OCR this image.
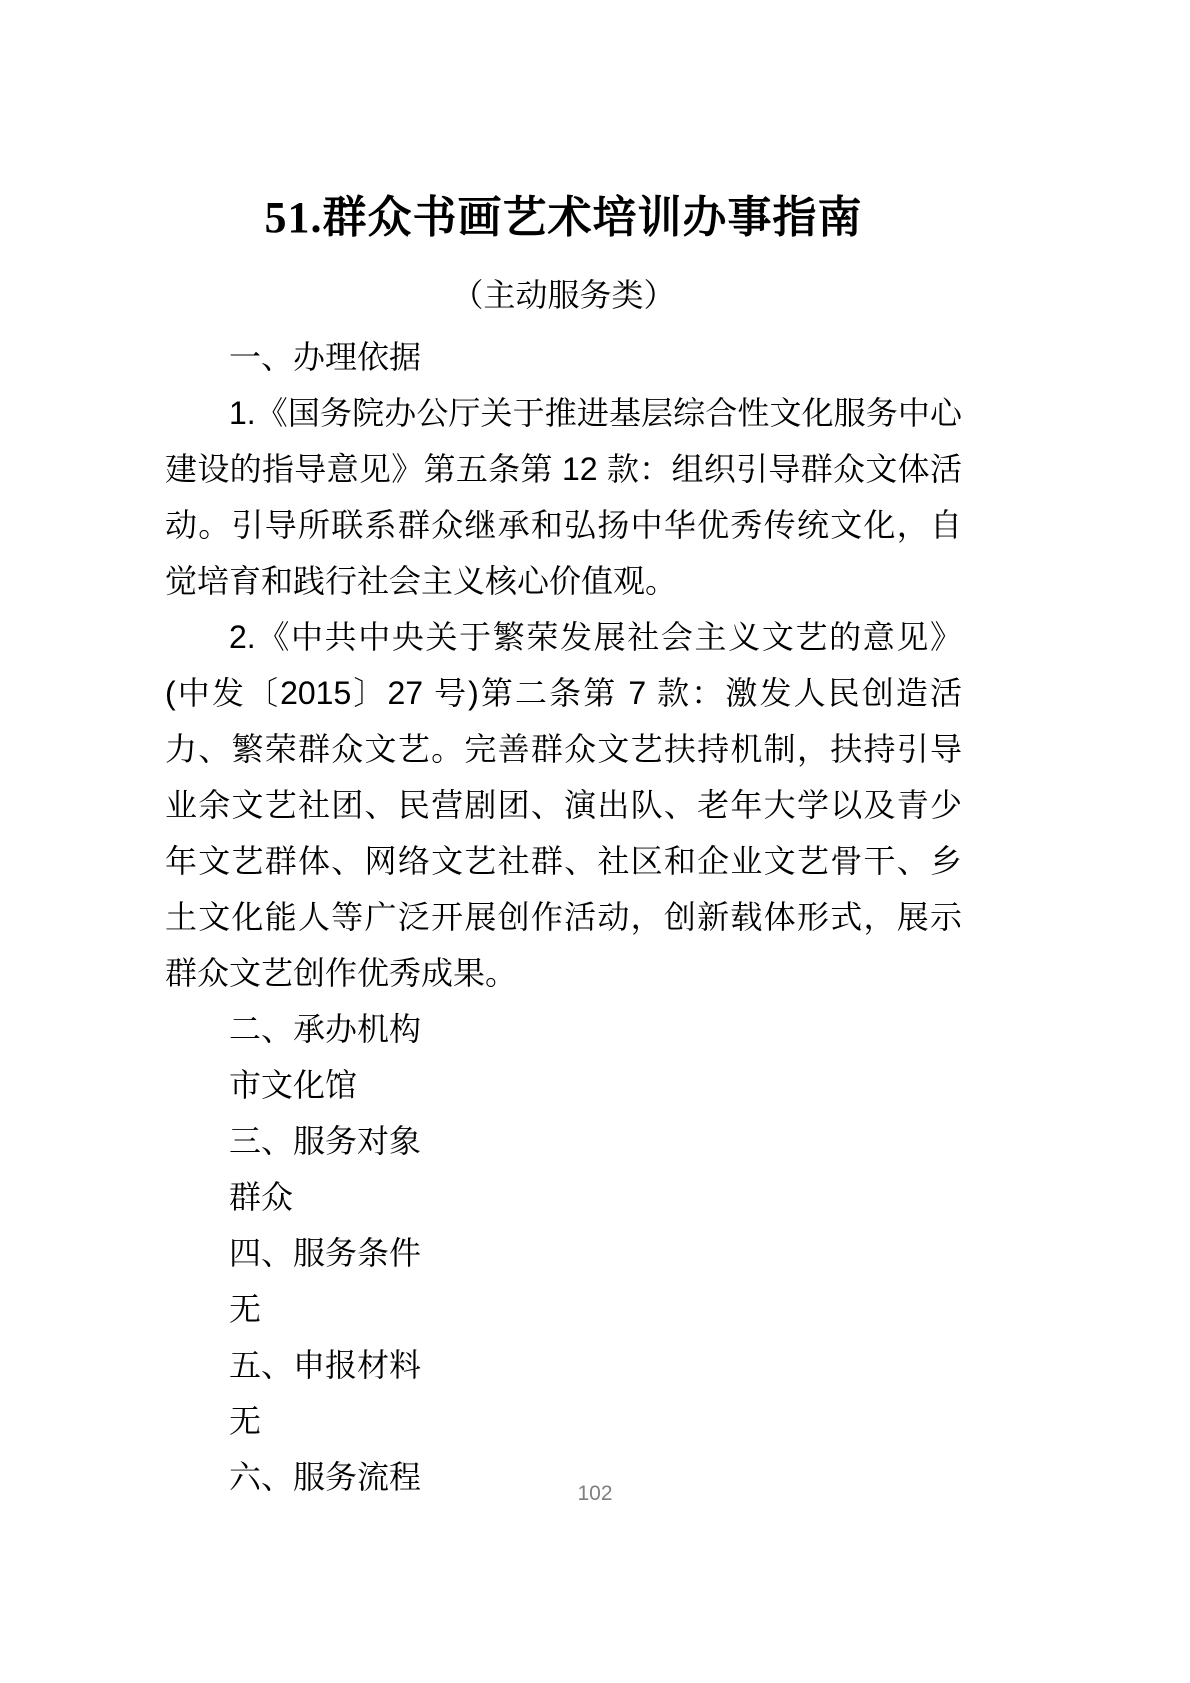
51.群众书画艺术培训办事指南
（主动服务类）

一、办理依据

1.《国务院办公厅关于推进基层综合性文化服务中心建设的指导意见》第五条第 12 款：组织引导群众文体活动。引导所联系群众继承和弘扬中华优秀传统文化，自觉培育和践行社会主义核心价值观。

2.《中共中央关于繁荣发展社会主义文艺的意见》(中发〔2015〕27 号)第二条第 7 款：激发人民创造活力、繁荣群众文艺。完善群众文艺扶持机制，扶持引导业余文艺社团、民营剧团、演出队、老年大学以及青少年文艺群体、网络文艺社群、社区和企业文艺骨干、乡土文化能人等广泛开展创作活动，创新载体形式，展示群众文艺创作优秀成果。

二、承办机构

市文化馆

三、服务对象

群众

四、服务条件

无

五、申报材料

无

六、服务流程	102
